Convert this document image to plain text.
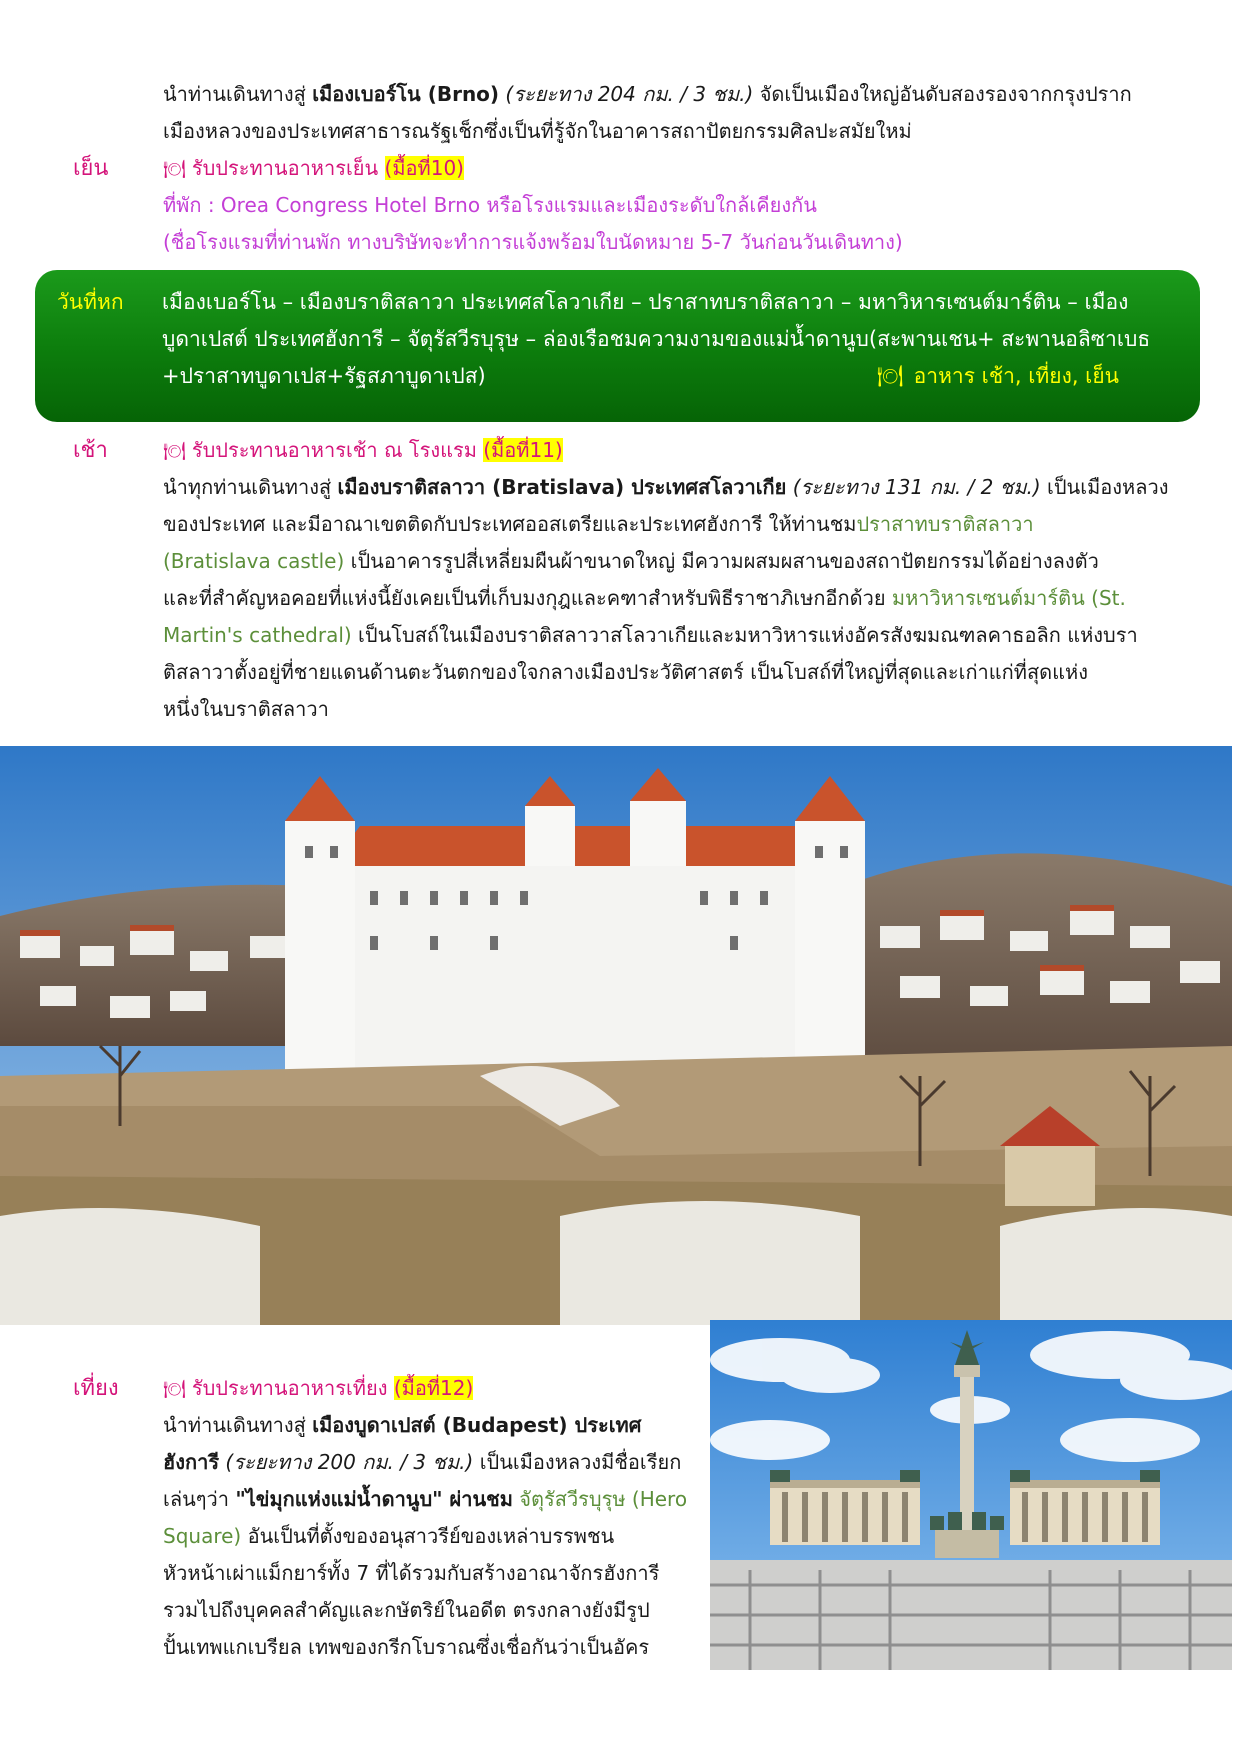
นำท่านเดินทางสู่ เมืองเบอร์โน (Brno) (ระยะทาง 204 กม. / 3 ชม.) จัดเป็นเมืองใหญ่อันดับสองรองจากกรุงปราก
เมืองหลวงของประเทศสาธารณรัฐเช็กซึ่งเป็นที่รู้จักในอาคารสถาปัตยกรรมศิลปะสมัยใหม่
เย็น	🍽 รับประทานอาหารเย็น (มื้อที่10)
ที่พัก : Orea Congress Hotel Brno หรือโรงแรมและเมืองระดับใกล้เคียงกัน
(ชื่อโรงแรมที่ท่านพัก ทางบริษัทจะทำการแจ้งพร้อมใบนัดหมาย 5-7 วันก่อนวันเดินทาง)
วันที่หก เมืองเบอร์โน – เมืองบราติสลาวา ประเทศสโลวาเกีย – ปราสาทบราติสลาวา – มหาวิหารเซนต์มาร์ติน – เมือง
บูดาเปสต์ ประเทศฮังการี – จัตุรัสวีรบุรุษ – ล่องเรือชมความงามของแม่น้ำดานูบ(สะพานเชน+ สะพานอลิซาเบธ
+ปราสาทบูดาเปส+รัฐสภาบูดาเปส)	🍽 อาหาร เช้า, เที่ยง, เย็น
เช้า	🍽 รับประทานอาหารเช้า ณ โรงแรม (มื้อที่11)
นำทุกท่านเดินทางสู่ เมืองบราติสลาวา (Bratislava) ประเทศสโลวาเกีย (ระยะทาง 131 กม. / 2 ชม.) เป็นเมืองหลวง
ของประเทศ และมีอาณาเขตติดกับประเทศออสเตรียและประเทศฮังการี ให้ท่านชมปราสาทบราติสลาวา
(Bratislava castle) เป็นอาคารรูปสี่เหลี่ยมผืนผ้าขนาดใหญ่ มีความผสมผสานของสถาปัตยกรรมได้อย่างลงตัว
และที่สำคัญหอคอยที่แห่งนี้ยังเคยเป็นที่เก็บมงกุฎและคฑาสำหรับพิธีราชาภิเษกอีกด้วย มหาวิหารเซนต์มาร์ติน (St.
Martin's cathedral) เป็นโบสถ์ในเมืองบราติสลาวาสโลวาเกียและมหาวิหารแห่งอัครสังฆมณฑลคาธอลิก แห่งบรา
ติสลาวาตั้งอยู่ที่ชายแดนด้านตะวันตกของใจกลางเมืองประวัติศาสตร์ เป็นโบสถ์ที่ใหญ่ที่สุดและเก่าแก่ที่สุดแห่ง
หนึ่งในบราติสลาวา
เที่ยง 🍽 รับประทานอาหารเที่ยง (มื้อที่12)
นำท่านเดินทางสู่ เมืองบูดาเปสต์ (Budapest) ประเทศ
ฮังการี (ระยะทาง 200 กม. / 3 ชม.) เป็นเมืองหลวงมีชื่อเรียก
เล่นๆว่า "ไข่มุกแห่งแม่น้ำดานูบ" ผ่านชม จัตุรัสวีรบุรุษ (Hero
Square) อันเป็นที่ตั้งของอนุสาวรีย์ของเหล่าบรรพชน
หัวหน้าเผ่าแม็กยาร์ทั้ง 7 ที่ได้รวมกับสร้างอาณาจักรฮังการี
รวมไปถึงบุคคลสำคัญและกษัตริย์ในอดีต ตรงกลางยังมีรูป
ปั้นเทพแกเบรียล เทพของกรีกโบราณซึ่งเชื่อกันว่าเป็นอัคร
